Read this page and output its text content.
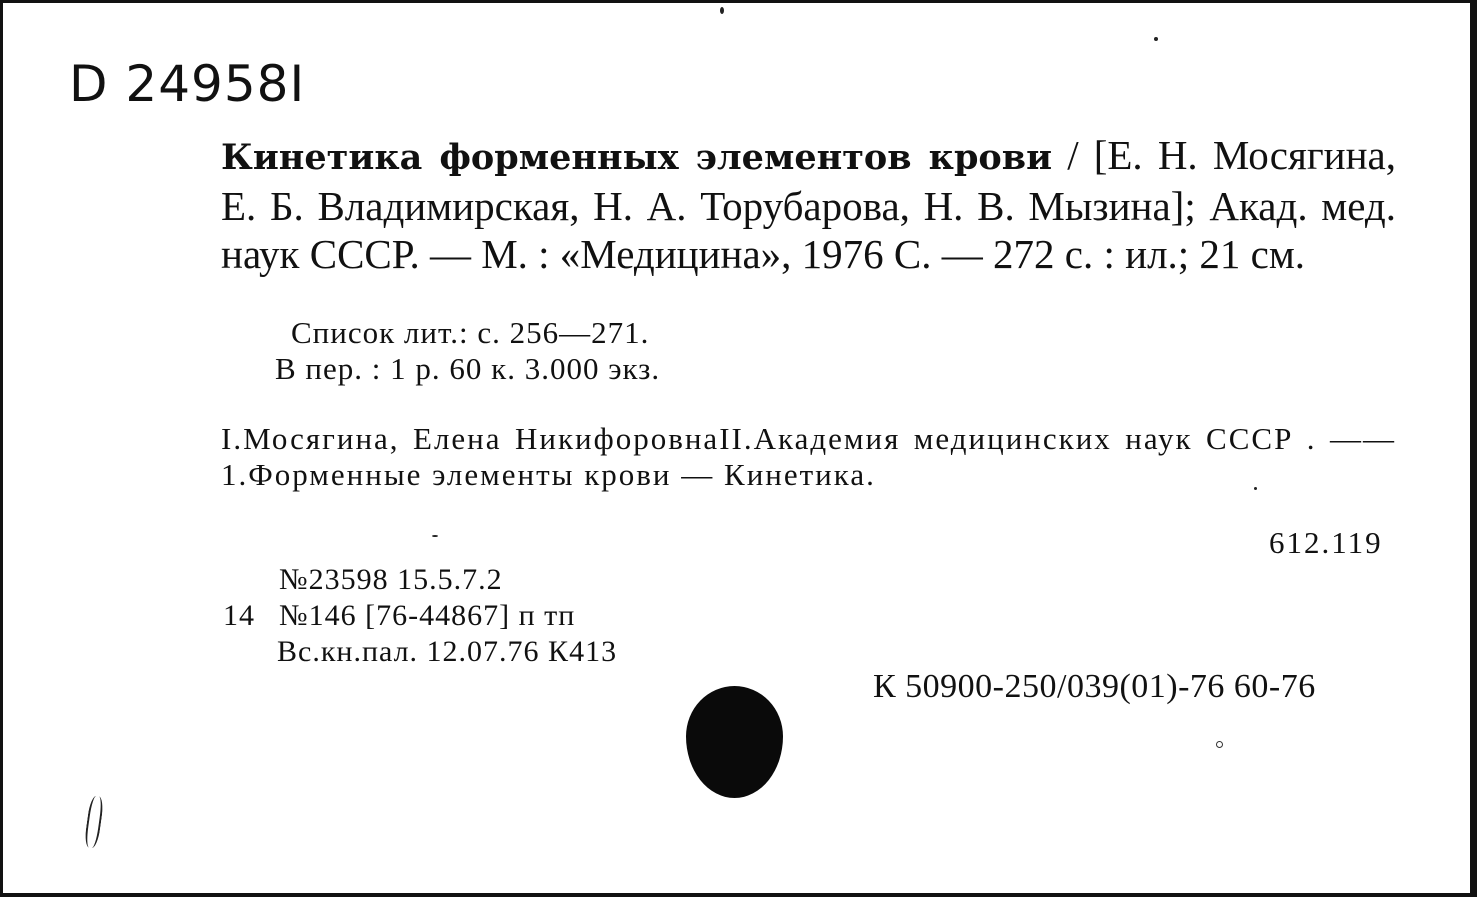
D 24958I
Кинетика форменных элементов крови / [Е. Н. Мосягина, Е. Б. Владимирская, Н. А. Торубарова, Н. В. Мызина]; Акад. мед. наук СССР. — М. : «Медицина», 1976 С. — 272 с. : ил.; 21 см.
Список лит.: с. 256—271.
В пер. : 1 р. 60 к. 3.000 экз.
I.Мосягина, Елена НикифоровнаII.Академия медицинских наук СССР . ——1.Форменные элементы крови — Кинетика.
612.119
№23598 15.5.7.2
14 №146 [76-44867] п тп
Вс.кн.пал. 12.07.76 К413
К 50900-250/039(01)-76 60-76
